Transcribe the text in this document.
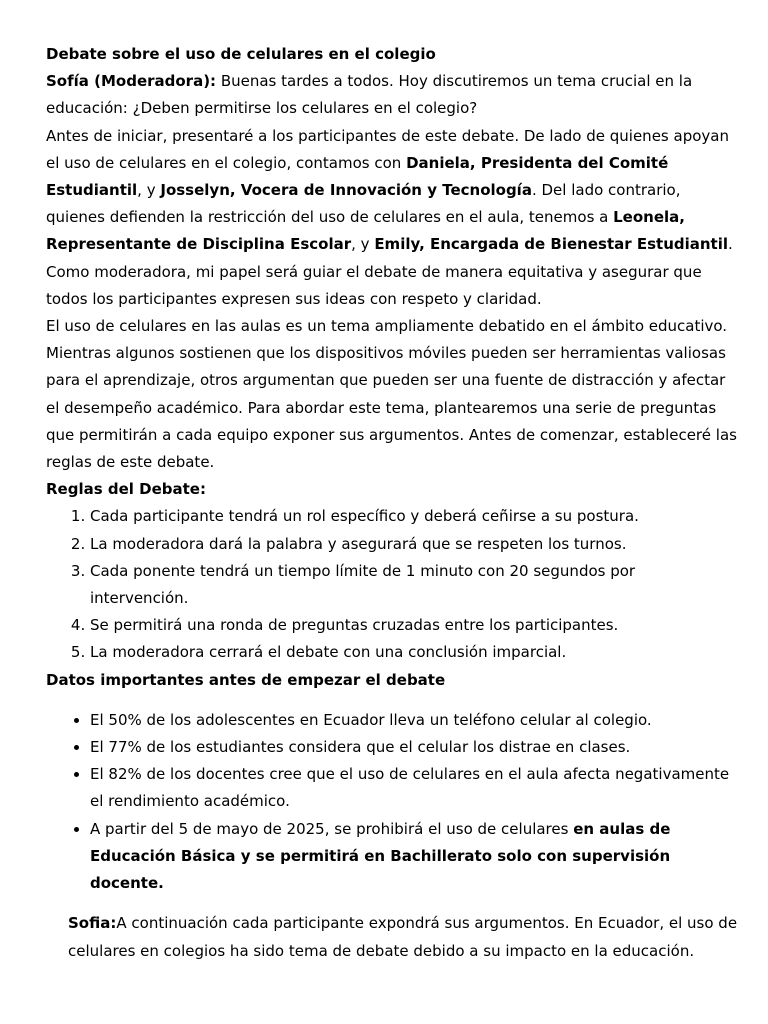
Debate sobre el uso de celulares en el colegio

Sofía (Moderadora): Buenas tardes a todos. Hoy discutiremos un tema crucial en la educación: ¿Deben permitirse los celulares en el colegio?

Antes de iniciar, presentaré a los participantes de este debate. De lado de quienes apoyan el uso de celulares en el colegio, contamos con Daniela, Presidenta del Comité Estudiantil, y Josselyn, Vocera de Innovación y Tecnología. Del lado contrario, quienes defienden la restricción del uso de celulares en el aula, tenemos a Leonela, Representante de Disciplina Escolar, y Emily, Encargada de Bienestar Estudiantil. Como moderadora, mi papel será guiar el debate de manera equitativa y asegurar que todos los participantes expresen sus ideas con respeto y claridad.

El uso de celulares en las aulas es un tema ampliamente debatido en el ámbito educativo. Mientras algunos sostienen que los dispositivos móviles pueden ser herramientas valiosas para el aprendizaje, otros argumentan que pueden ser una fuente de distracción y afectar el desempeño académico. Para abordar este tema, plantearemos una serie de preguntas que permitirán a cada equipo exponer sus argumentos. Antes de comenzar, estableceré las reglas de este debate.

Reglas del Debate:
1. Cada participante tendrá un rol específico y deberá ceñirse a su postura.
2. La moderadora dará la palabra y asegurará que se respeten los turnos.
3. Cada ponente tendrá un tiempo límite de 1 minuto con 20 segundos por intervención.
4. Se permitirá una ronda de preguntas cruzadas entre los participantes.
5. La moderadora cerrará el debate con una conclusión imparcial.
Datos importantes antes de empezar el debate
• El 50% de los adolescentes en Ecuador lleva un teléfono celular al colegio.
• El 77% de los estudiantes considera que el celular los distrae en clases.
• El 82% de los docentes cree que el uso de celulares en el aula afecta negativamente el rendimiento académico.
• A partir del 5 de mayo de 2025, se prohibirá el uso de celulares en aulas de Educación Básica y se permitirá en Bachillerato solo con supervisión docente.

Sofia:A continuación cada participante expondrá sus argumentos. En Ecuador, el uso de celulares en colegios ha sido tema de debate debido a su impacto en la educación.
